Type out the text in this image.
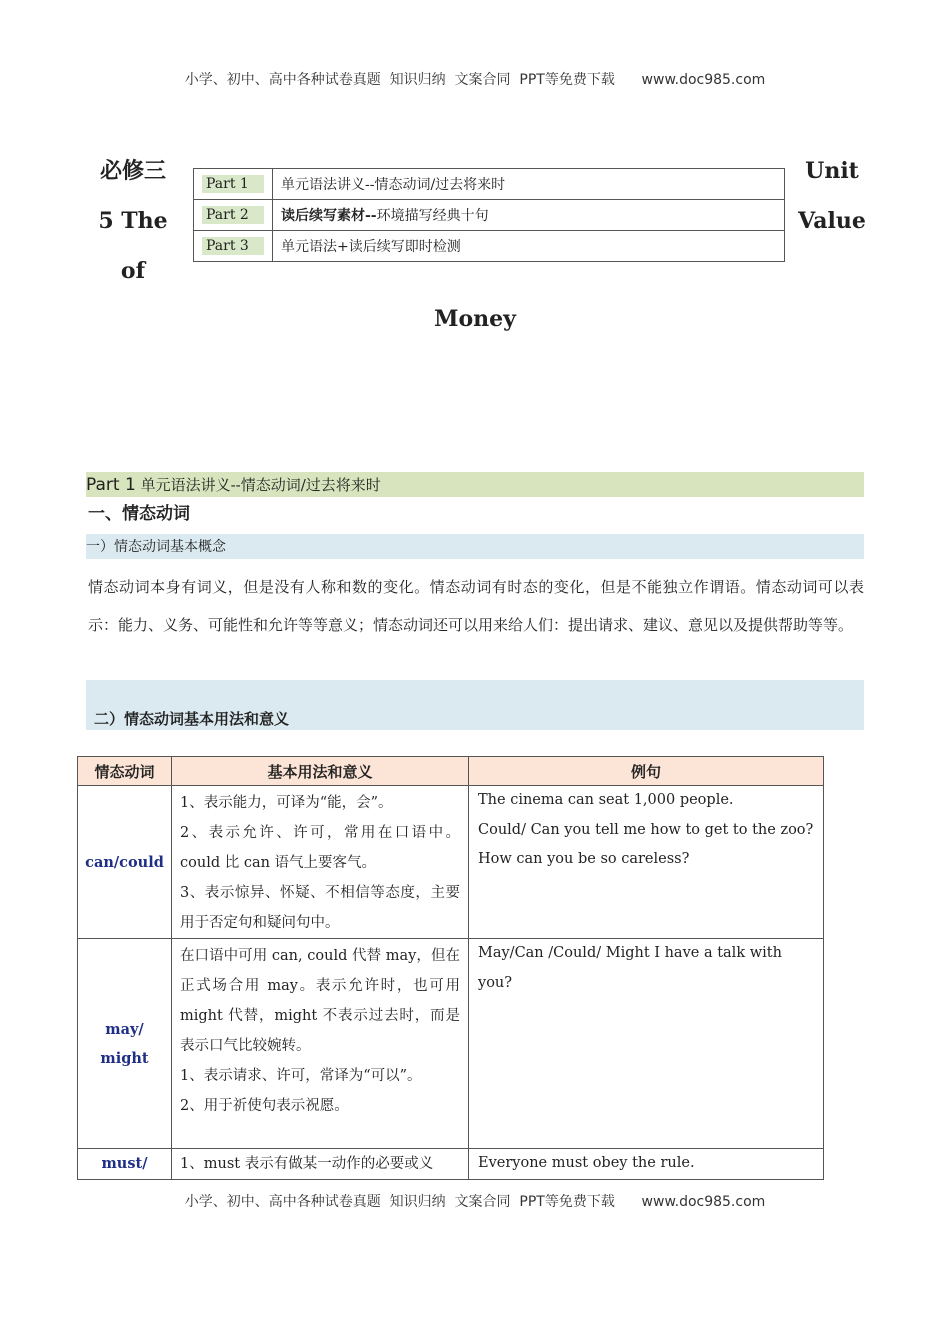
小学、初中、高中各种试卷真题  知识归纳  文案合同  PPT等免费下载 www.doc985.com
必修三
5 The
of
Part 1	单元语法讲义--情态动词/过去将来时

Part 2	读后续写素材--环境描写经典十句

Part 3	单元语法+读后续写即时检测
Unit
Value
Money
Part 1 单元语法讲义--情态动词/过去将来时
一、情态动词
一）情态动词基本概念
情态动词本身有词义，但是没有人称和数的变化。情态动词有时态的变化，但是不能独立作谓语。情态动词可以表示：能力、义务、可能性和允许等等意义；情态动词还可以用来给人们：提出请求、建议、意见以及提供帮助等等。
二）情态动词基本用法和意义
情态动词	基本用法和意义	例句

can/could	1、表示能力，可译为“能，会”。
2、表示允许、许可，常用在口语中。could 比 can 语气上要客气。
3、表示惊异、怀疑、不相信等态度，主要用于否定句和疑问句中。	The cinema can seat 1,000 people.
Could/ Can you tell me how to get to the zoo?
How can you be so careless?

may/
might	在口语中可用 can, could 代替 may，但在正式场合用 may。表示允许时，也可用 might 代替，might 不表示过去时，而是表示口气比较婉转。
1、表示请求、许可，常译为“可以”。
2、用于祈使句表示祝愿。	May/Can /Could/ Might I have a talk with you?

must/	1、must 表示有做某一动作的必要或义	Everyone must obey the rule.
小学、初中、高中各种试卷真题  知识归纳  文案合同  PPT等免费下载 www.doc985.com
